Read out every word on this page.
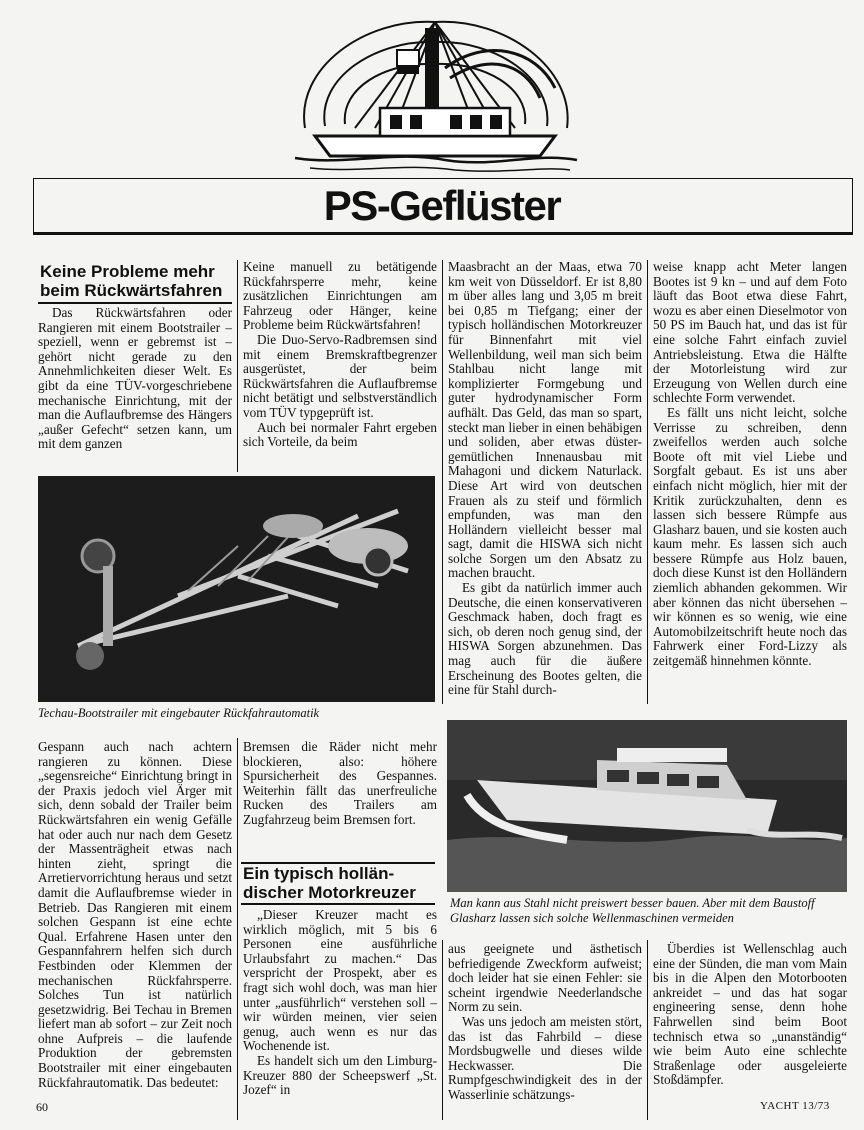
PS-Geflüster
Keine Probleme mehr
beim Rückwärtsfahren

Das Rückwärtsfahren oder Rangieren mit einem Bootstrailer – speziell, wenn er gebremst ist – gehört nicht gerade zu den Annehmlichkeiten dieser Welt. Es gibt da eine TÜV-vorgeschriebene mechanische Einrichtung, mit der man die Auflaufbremse des Hängers „außer Gefecht“ setzen kann, um mit dem ganzen

Keine manuell zu betätigende Rückfahrsperre mehr, keine zusätzlichen Einrichtungen am Fahrzeug oder Hänger, keine Probleme beim Rückwärtsfahren!

Die Duo-Servo-Radbremsen sind mit einem Bremskraftbegrenzer ausgerüstet, der beim Rückwärtsfahren die Auflaufbremse nicht betätigt und selbstverständlich vom TÜV typgeprüft ist.

Auch bei normaler Fahrt ergeben sich Vorteile, da beim

Techau-Bootstrailer mit eingebauter Rückfahrautomatik

Gespann auch nach achtern rangieren zu können. Diese „segensreiche“ Einrichtung bringt in der Praxis jedoch viel Ärger mit sich, denn sobald der Trailer beim Rückwärtsfahren ein wenig Gefälle hat oder auch nur nach dem Gesetz der Massenträgheit etwas nach hinten zieht, springt die Arretiervorrichtung heraus und setzt damit die Auflaufbremse wieder in Betrieb. Das Rangieren mit einem solchen Gespann ist eine echte Qual. Erfahrene Hasen unter den Gespannfahrern helfen sich durch Festbinden oder Klemmen der mechanischen Rückfahrsperre. Solches Tun ist natürlich gesetzwidrig. Bei Techau in Bremen liefert man ab sofort – zur Zeit noch ohne Aufpreis – die laufende Produktion der gebremsten Bootstrailer mit einer eingebauten Rückfahrautomatik. Das bedeutet:

Bremsen die Räder nicht mehr blockieren, also: höhere Spursicherheit des Gespannes. Weiterhin fällt das unerfreuliche Rucken des Trailers am Zugfahrzeug beim Bremsen fort.

Ein typisch hollän-
discher Motorkreuzer

„Dieser Kreuzer macht es wirklich möglich, mit 5 bis 6 Personen eine ausführliche Urlaubsfahrt zu machen.“ Das verspricht der Prospekt, aber es fragt sich wohl doch, was man hier unter „ausführlich“ verstehen soll – wir würden meinen, vier seien genug, auch wenn es nur das Wochenende ist.

Es handelt sich um den Limburg-Kreuzer 880 der Scheepswerf „St. Jozef“ in

Maasbracht an der Maas, etwa 70 km weit von Düsseldorf. Er ist 8,80 m über alles lang und 3,05 m breit bei 0,85 m Tiefgang; einer der typisch holländischen Motorkreuzer für Binnenfahrt mit viel Wellenbildung, weil man sich beim Stahlbau nicht lange mit komplizierter Formgebung und guter hydrodynamischer Form aufhält. Das Geld, das man so spart, steckt man lieber in einen behäbigen und soliden, aber etwas düster-gemütlichen Innenausbau mit Mahagoni und dickem Naturlack. Diese Art wird von deutschen Frauen als zu steif und förmlich empfunden, was man den Holländern vielleicht besser mal sagt, damit die HISWA sich nicht solche Sorgen um den Absatz zu machen braucht.

Es gibt da natürlich immer auch Deutsche, die einen konservativeren Geschmack haben, doch fragt es sich, ob deren noch genug sind, der HISWA Sorgen abzunehmen. Das mag auch für die äußere Erscheinung des Bootes gelten, die eine für Stahl durch-

weise knapp acht Meter langen Bootes ist 9 kn – und auf dem Foto läuft das Boot etwa diese Fahrt, wozu es aber einen Dieselmotor von 50 PS im Bauch hat, und das ist für eine solche Fahrt einfach zuviel Antriebsleistung. Etwa die Hälfte der Motorleistung wird zur Erzeugung von Wellen durch eine schlechte Form verwendet.

Es fällt uns nicht leicht, solche Verrisse zu schreiben, denn zweifellos werden auch solche Boote oft mit viel Liebe und Sorgfalt gebaut. Es ist uns aber einfach nicht möglich, hier mit der Kritik zurückzuhalten, denn es lassen sich bessere Rümpfe aus Glasharz bauen, und sie kosten auch kaum mehr. Es lassen sich auch bessere Rümpfe aus Holz bauen, doch diese Kunst ist den Holländern ziemlich abhanden gekommen. Wir aber können das nicht übersehen – wir können es so wenig, wie eine Automobilzeitschrift heute noch das Fahrwerk einer Ford-Lizzy als zeitgemäß hinnehmen könnte.

Man kann aus Stahl nicht preiswert besser bauen. Aber mit dem Baustoff Glasharz lassen sich solche Wellenmaschinen vermeiden

aus geeignete und ästhetisch befriedigende Zweckform aufweist; doch leider hat sie einen Fehler: sie scheint irgendwie Neederlandsche Norm zu sein.

Was uns jedoch am meisten stört, das ist das Fahrbild – diese Mordsbugwelle und dieses wilde Heckwasser. Die Rumpfgeschwindigkeit des in der Wasserlinie schätzungs-

Überdies ist Wellenschlag auch eine der Sünden, die man vom Main bis in die Alpen den Motorbooten ankreidet – und das hat sogar engineering sense, denn hohe Fahrwellen sind beim Boot technisch etwa so „unanständig“ wie beim Auto eine schlechte Straßenlage oder ausgeleierte Stoßdämpfer.

60	YACHT 13/73
